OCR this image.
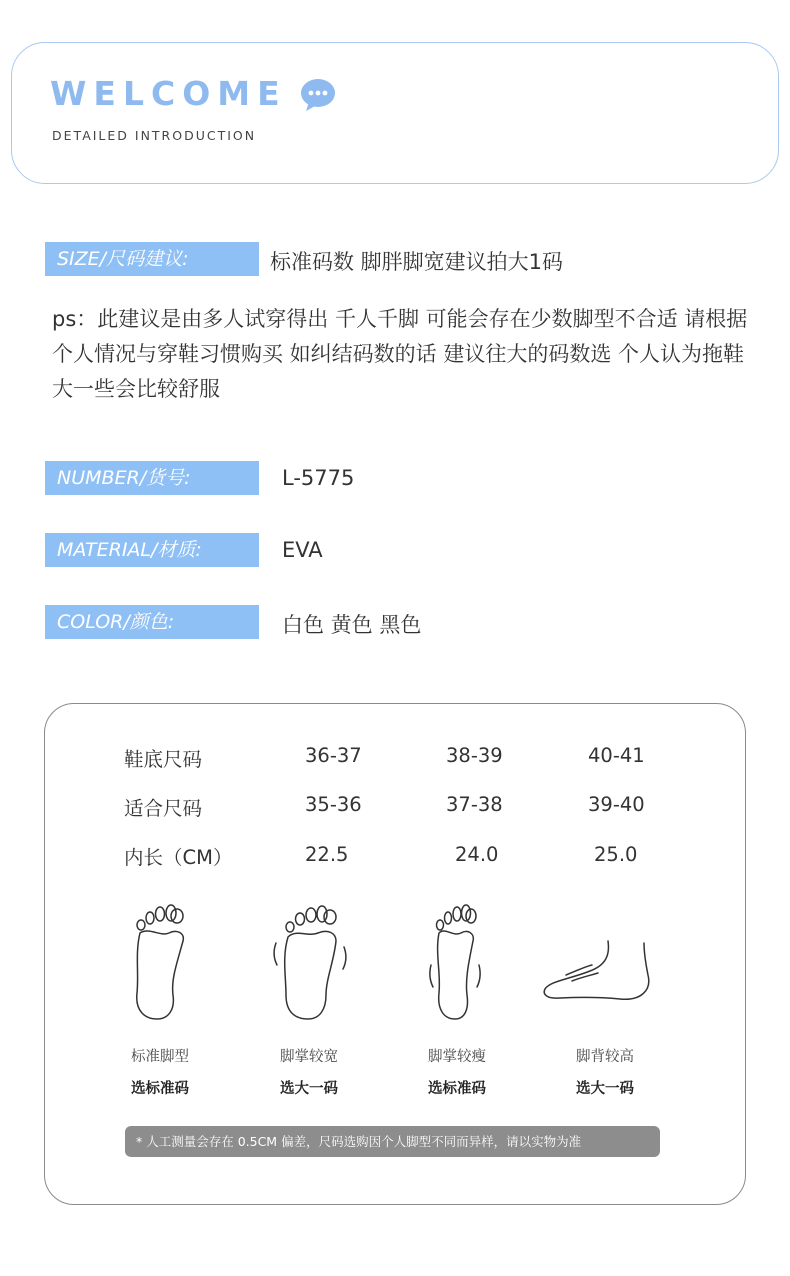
WELCOME
DETAILED INTRODUCTION
SIZE/尺码建议:	标准码数 脚胖脚宽建议拍大1码
ps：此建议是由多人试穿得出 千人千脚 可能会存在少数脚型不合适 请根据个人情况与穿鞋习惯购买 如纠结码数的话 建议往大的码数选 个人认为拖鞋大一些会比较舒服
NUMBER/货号:	L-5775
MATERIAL/材质:	EVA
COLOR/颜色:	白色 黄色 黑色
鞋底尺码	36-37	38-39	40-41
适合尺码	35-36	37-38	39-40
内长（CM）	22.5	24.0	25.0
标准脚型	脚掌较宽	脚掌较瘦	脚背较高
选标准码	选大一码	选标准码	选大一码
* 人工测量会存在 0.5CM 偏差，尺码选购因个人脚型不同而异样，请以实物为准
